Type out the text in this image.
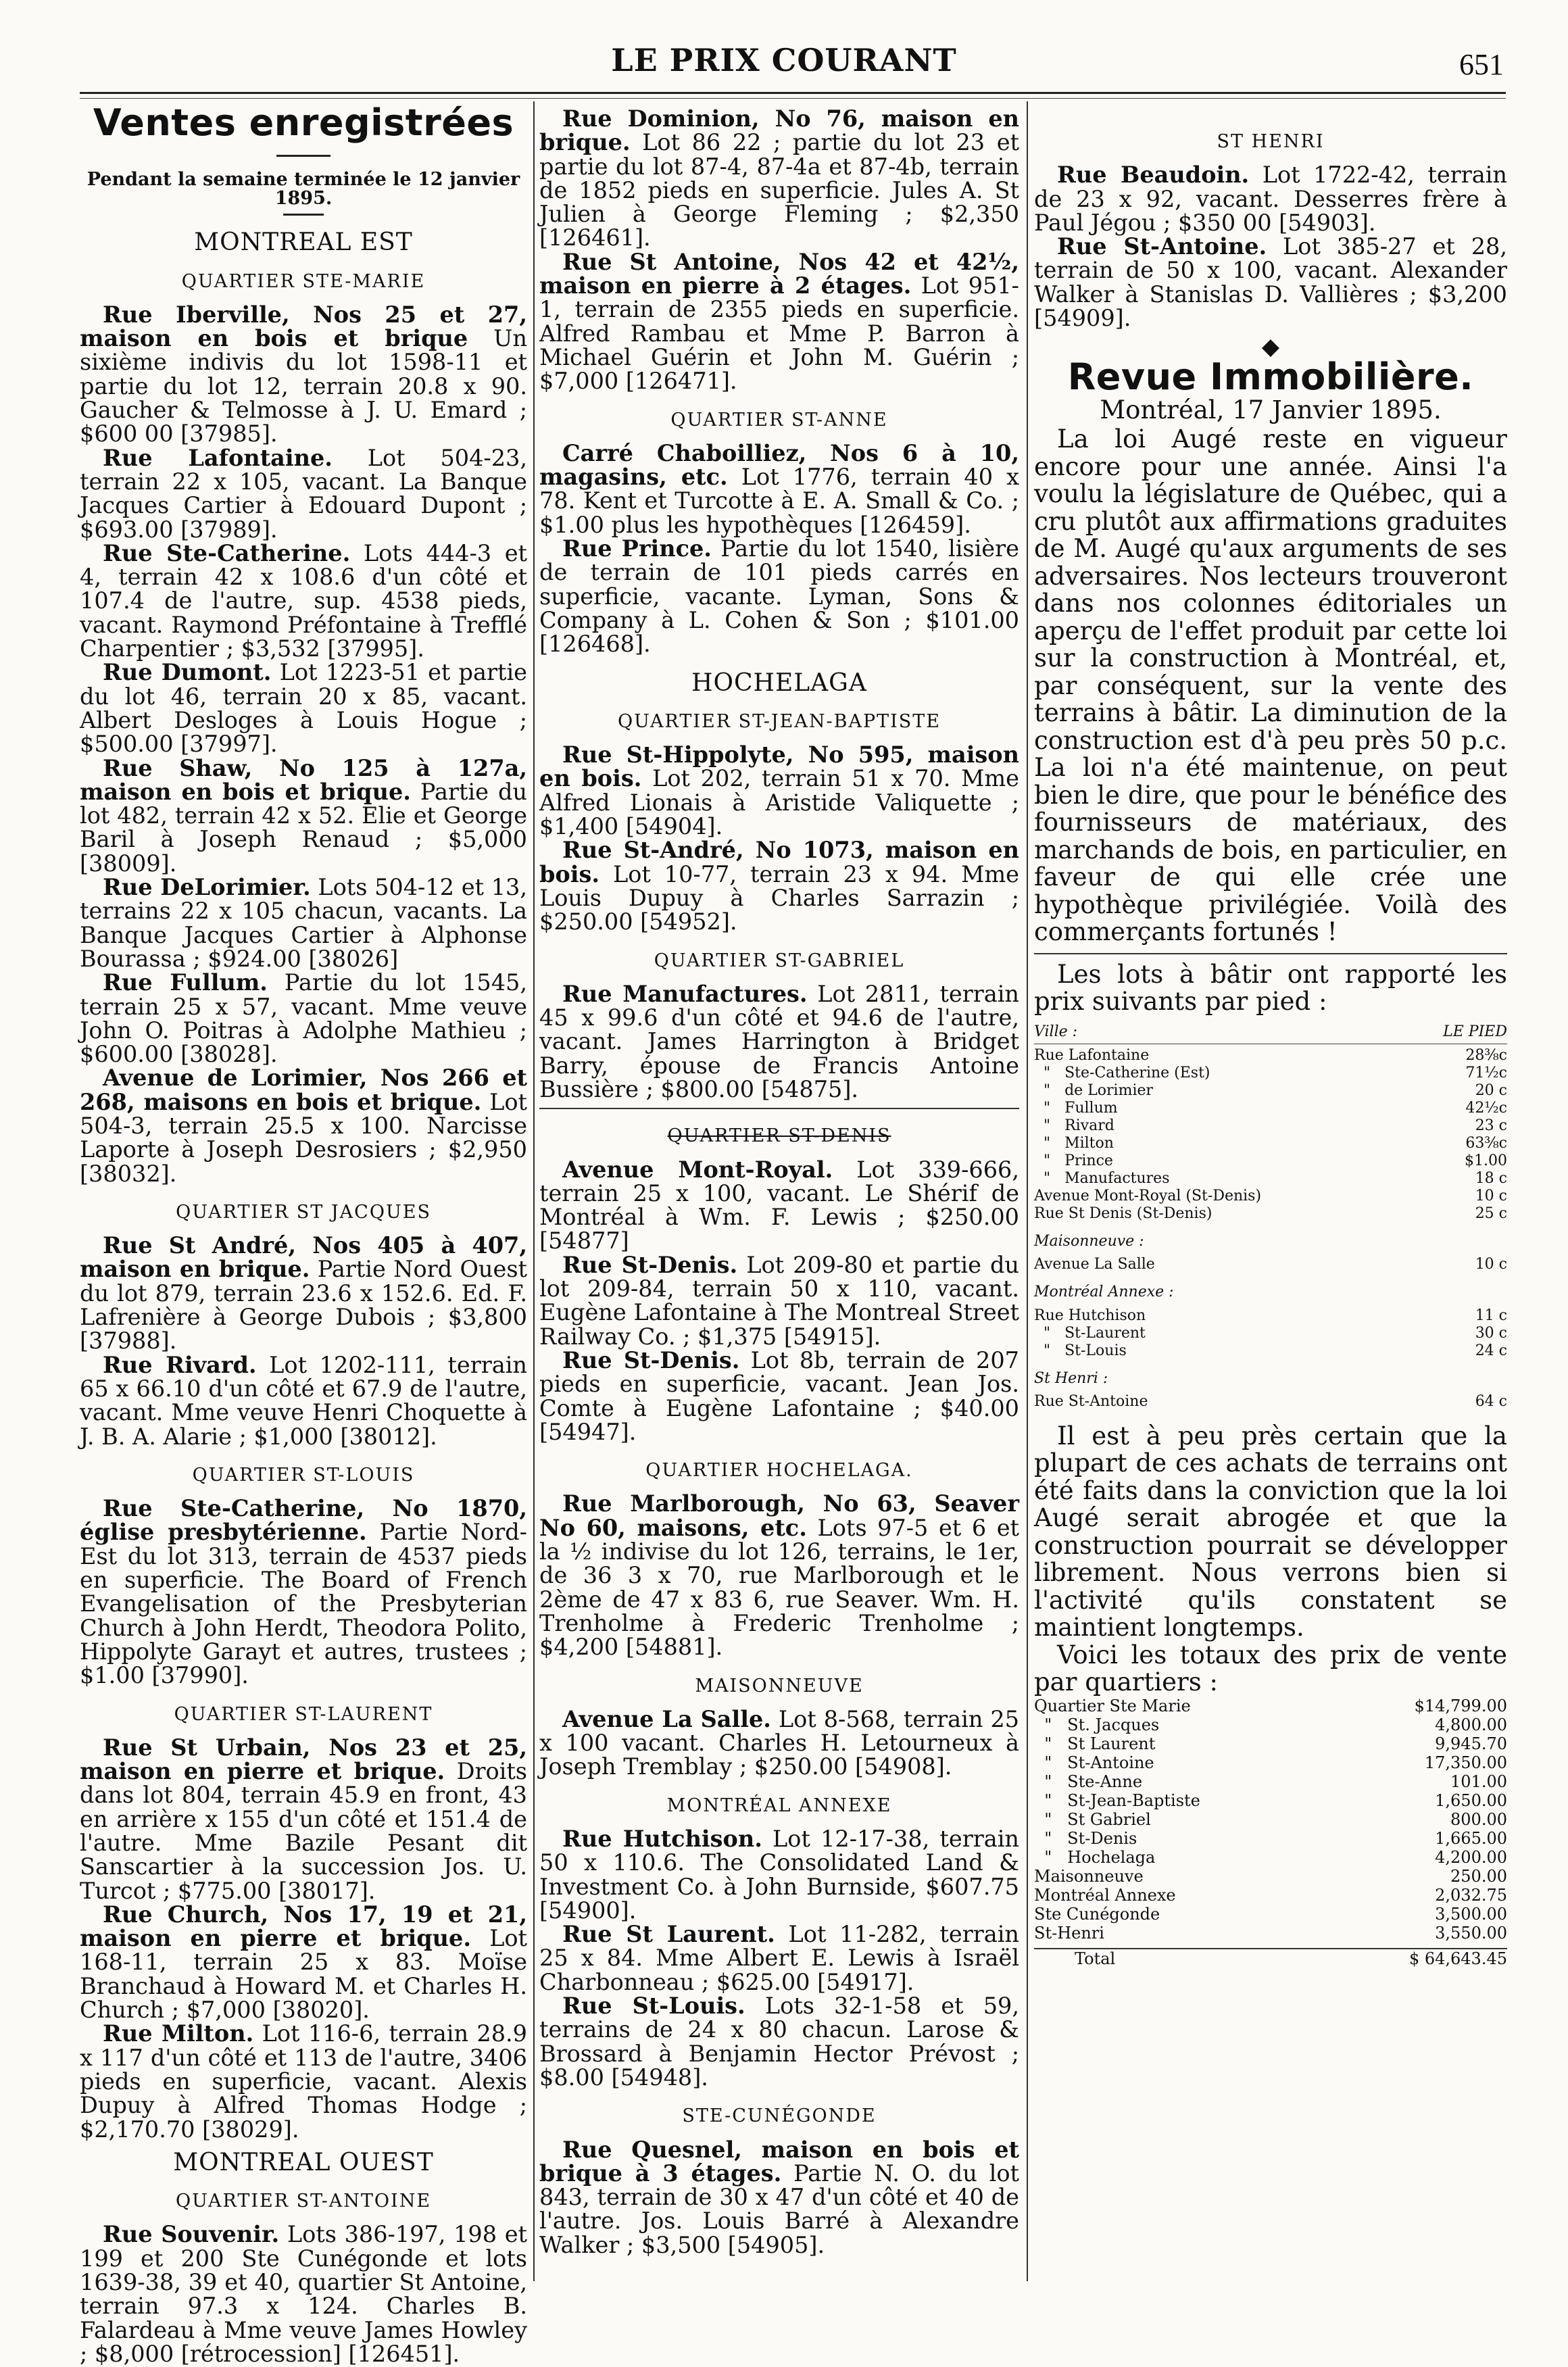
LE PRIX COURANT	651
Ventes enregistrées
Pendant la semaine terminée le 12 janvier 1895.
MONTREAL EST
QUARTIER STE-MARIE

Rue Iberville, Nos 25 et 27, maison en bois et brique Un sixième indivis du lot 1598-11 et partie du lot 12, terrain 20.8 x 90. Gaucher & Telmosse à J. U. Emard ; $600 00 [37985].

Rue Lafontaine. Lot 504-23, terrain 22 x 105, vacant. La Banque Jacques Cartier à Edouard Dupont ; $693.00 [37989].

Rue Ste-Catherine. Lots 444-3 et 4, terrain 42 x 108.6 d'un côté et 107.4 de l'autre, sup. 4538 pieds, vacant. Raymond Préfontaine à Trefflé Charpentier ; $3,532 [37995].

Rue Dumont. Lot 1223-51 et partie du lot 46, terrain 20 x 85, vacant. Albert Desloges à Louis Hogue ; $500.00 [37997].

Rue Shaw, No 125 à 127a, maison en bois et brique. Partie du lot 482, terrain 42 x 52. Elie et George Baril à Joseph Renaud ; $5,000 [38009].

Rue DeLorimier. Lots 504-12 et 13, terrains 22 x 105 chacun, vacants. La Banque Jacques Cartier à Alphonse Bourassa ; $924.00 [38026]

Rue Fullum. Partie du lot 1545, terrain 25 x 57, vacant. Mme veuve John O. Poitras à Adolphe Mathieu ; $600.00 [38028].

Avenue de Lorimier, Nos 266 et 268, maisons en bois et brique. Lot 504-3, terrain 25.5 x 100. Narcisse Laporte à Joseph Desrosiers ; $2,950 [38032].

QUARTIER ST JACQUES

Rue St André, Nos 405 à 407, maison en brique. Partie Nord Ouest du lot 879, terrain 23.6 x 152.6. Ed. F. Lafrenière à George Dubois ; $3,800 [37988].

Rue Rivard. Lot 1202-111, terrain 65 x 66.10 d'un côté et 67.9 de l'autre, vacant. Mme veuve Henri Choquette à J. B. A. Alarie ; $1,000 [38012].

QUARTIER ST-LOUIS

Rue Ste-Catherine, No 1870, église presbytérienne. Partie Nord-Est du lot 313, terrain de 4537 pieds en superficie. The Board of French Evangelisation of the Presbyterian Church à John Herdt, Theodora Polito, Hippolyte Garayt et autres, trustees ; $1.00 [37990].

QUARTIER ST-LAURENT

Rue St Urbain, Nos 23 et 25, maison en pierre et brique. Droits dans lot 804, terrain 45.9 en front, 43 en arrière x 155 d'un côté et 151.4 de l'autre. Mme Bazile Pesant dit Sanscartier à la succession Jos. U. Turcot ; $775.00 [38017].

Rue Church, Nos 17, 19 et 21, maison en pierre et brique. Lot 168-11, terrain 25 x 83. Moïse Branchaud à Howard M. et Charles H. Church ; $7,000 [38020].

Rue Milton. Lot 116-6, terrain 28.9 x 117 d'un côté et 113 de l'autre, 3406 pieds en superficie, vacant. Alexis Dupuy à Alfred Thomas Hodge ; $2,170.70 [38029].

MONTREAL OUEST
QUARTIER ST-ANTOINE

Rue Souvenir. Lots 386-197, 198 et 199 et 200 Ste Cunégonde et lots 1639-38, 39 et 40, quartier St Antoine, terrain 97.3 x 124. Charles B. Falardeau à Mme veuve James Howley ; $8,000 [rétrocession] [126451].

Rue Dominion, No 76, maison en brique. Lot 86 22 ; partie du lot 23 et partie du lot 87-4, 87-4a et 87-4b, terrain de 1852 pieds en superficie. Jules A. St Julien à George Fleming ; $2,350 [126461].

Rue St Antoine, Nos 42 et 42½, maison en pierre à 2 étages. Lot 951-1, terrain de 2355 pieds en superficie. Alfred Rambau et Mme P. Barron à Michael Guérin et John M. Guérin ; $7,000 [126471].

QUARTIER ST-ANNE

Carré Chaboilliez, Nos 6 à 10, magasins, etc. Lot 1776, terrain 40 x 78. Kent et Turcotte à E. A. Small & Co. ; $1.00 plus les hypothèques [126459].

Rue Prince. Partie du lot 1540, lisière de terrain de 101 pieds carrés en superficie, vacante. Lyman, Sons & Company à L. Cohen & Son ; $101.00 [126468].

HOCHELAGA
QUARTIER ST-JEAN-BAPTISTE

Rue St-Hippolyte, No 595, maison en bois. Lot 202, terrain 51 x 70. Mme Alfred Lionais à Aristide Valiquette ; $1,400 [54904].

Rue St-André, No 1073, maison en bois. Lot 10-77, terrain 23 x 94. Mme Louis Dupuy à Charles Sarrazin ; $250.00 [54952].

QUARTIER ST-GABRIEL

Rue Manufactures. Lot 2811, terrain 45 x 99.6 d'un côté et 94.6 de l'autre, vacant. James Harrington à Bridget Barry, épouse de Francis Antoine Bussière ; $800.00 [54875].

QUARTIER ST-DENIS

Avenue Mont-Royal. Lot 339-666, terrain 25 x 100, vacant. Le Shérif de Montréal à Wm. F. Lewis ; $250.00 [54877]

Rue St-Denis. Lot 209-80 et partie du lot 209-84, terrain 50 x 110, vacant. Eugène Lafontaine à The Montreal Street Railway Co. ; $1,375 [54915].

Rue St-Denis. Lot 8b, terrain de 207 pieds en superficie, vacant. Jean Jos. Comte à Eugène Lafontaine ; $40.00 [54947].

QUARTIER HOCHELAGA.

Rue Marlborough, No 63, Seaver No 60, maisons, etc. Lots 97-5 et 6 et la ½ indivise du lot 126, terrains, le 1er, de 36 3 x 70, rue Marlborough et le 2ème de 47 x 83 6, rue Seaver. Wm. H. Trenholme à Frederic Trenholme ; $4,200 [54881].

MAISONNEUVE

Avenue La Salle. Lot 8-568, terrain 25 x 100 vacant. Charles H. Letourneux à Joseph Tremblay ; $250.00 [54908].

MONTRÉAL ANNEXE

Rue Hutchison. Lot 12-17-38, terrain 50 x 110.6. The Consolidated Land & Investment Co. à John Burnside, $607.75 [54900].

Rue St Laurent. Lot 11-282, terrain 25 x 84. Mme Albert E. Lewis à Israël Charbonneau ; $625.00 [54917].

Rue St-Louis. Lots 32-1-58 et 59, terrains de 24 x 80 chacun. Larose & Brossard à Benjamin Hector Prévost ; $8.00 [54948].

STE-CUNÉGONDE

Rue Quesnel, maison en bois et brique à 3 étages. Partie N. O. du lot 843, terrain de 30 x 47 d'un côté et 40 de l'autre. Jos. Louis Barré à Alexandre Walker ; $3,500 [54905].

ST HENRI

Rue Beaudoin. Lot 1722-42, terrain de 23 x 92, vacant. Desserres frère à Paul Jégou ; $350 00 [54903].

Rue St-Antoine. Lot 385-27 et 28, terrain de 50 x 100, vacant. Alexander Walker à Stanislas D. Vallières ; $3,200 [54909].

◆
Revue Immobilière.
Montréal, 17 Janvier 1895.

La loi Augé reste en vigueur encore pour une année. Ainsi l'a voulu la législature de Québec, qui a cru plutôt aux affirmations graduites de M. Augé qu'aux arguments de ses adversaires. Nos lecteurs trouveront dans nos colonnes éditoriales un aperçu de l'effet produit par cette loi sur la construction à Montréal, et, par conséquent, sur la vente des terrains à bâtir. La diminution de la construction est d'à peu près 50 p.c. La loi n'a été maintenue, on peut bien le dire, que pour le bénéfice des fournisseurs de matériaux, des marchands de bois, en particulier, en faveur de qui elle crée une hypothèque privilégiée. Voilà des commerçants fortunés !

Les lots à bâtir ont rapporté les prix suivants par pied :

Ville :	LE PIED
Rue Lafontaine	28⅜c
"   Ste-Catherine (Est)	71½c
"   de Lorimier	20 c
"   Fullum	42½c
"   Rivard	23 c
"   Milton	63⅜c
"   Prince	$1.00
"   Manufactures	18 c
Avenue Mont-Royal (St-Denis)	10 c
Rue St Denis (St-Denis)	25 c
Maisonneuve :
Avenue La Salle	10 c
Montréal Annexe :
Rue Hutchison	11 c
"   St-Laurent	30 c
"   St-Louis	24 c
St Henri :
Rue St-Antoine	64 c

Il est à peu près certain que la plupart de ces achats de terrains ont été faits dans la conviction que la loi Augé serait abrogée et que la construction pourrait se développer librement. Nous verrons bien si l'activité qu'ils constatent se maintient longtemps.

Voici les totaux des prix de vente par quartiers :

Quartier Ste Marie	$14,799.00
"   St. Jacques	4,800.00
"   St Laurent	9,945.70
"   St-Antoine	17,350.00
"   Ste-Anne	101.00
"   St-Jean-Baptiste	1,650.00
"   St Gabriel	800.00
"   St-Denis	1,665.00
"   Hochelaga	4,200.00
Maisonneuve	250.00
Montréal Annexe	2,032.75
Ste Cunégonde	3,500.00
St-Henri	3,550.00
Total	$ 64,643.45
